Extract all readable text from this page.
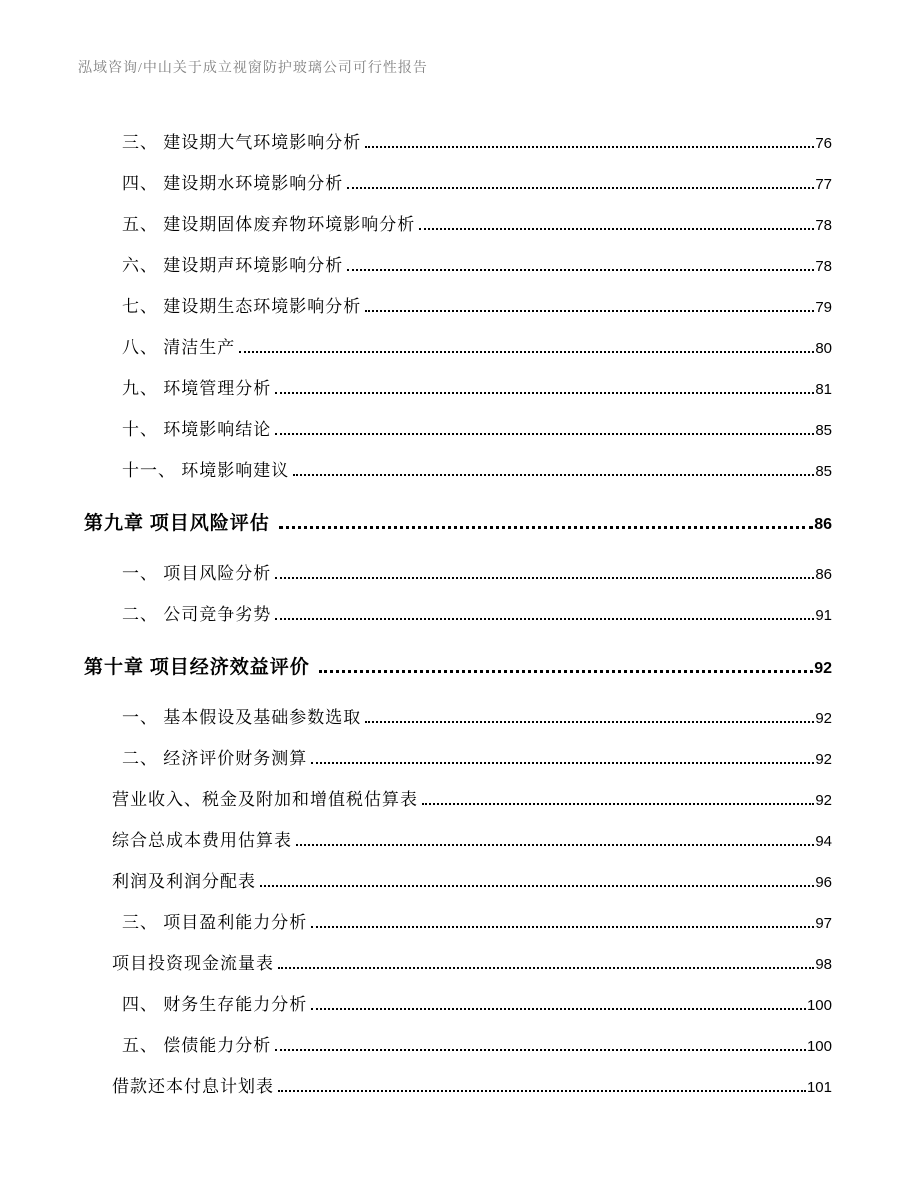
泓域咨询/中山关于成立视窗防护玻璃公司可行性报告
三、 建设期大气环境影响分析	76
四、 建设期水环境影响分析	77
五、 建设期固体废弃物环境影响分析	78
六、 建设期声环境影响分析	78
七、 建设期生态环境影响分析	79
八、 清洁生产	80
九、 环境管理分析	81
十、 环境影响结论	85
十一、 环境影响建议	85
第九章 项目风险评估	86
一、 项目风险分析	86
二、 公司竞争劣势	91
第十章 项目经济效益评价	92
一、 基本假设及基础参数选取	92
二、 经济评价财务测算	92
营业收入、税金及附加和增值税估算表	92
综合总成本费用估算表	94
利润及利润分配表	96
三、 项目盈利能力分析	97
项目投资现金流量表	98
四、 财务生存能力分析	100
五、 偿债能力分析	100
借款还本付息计划表	101
